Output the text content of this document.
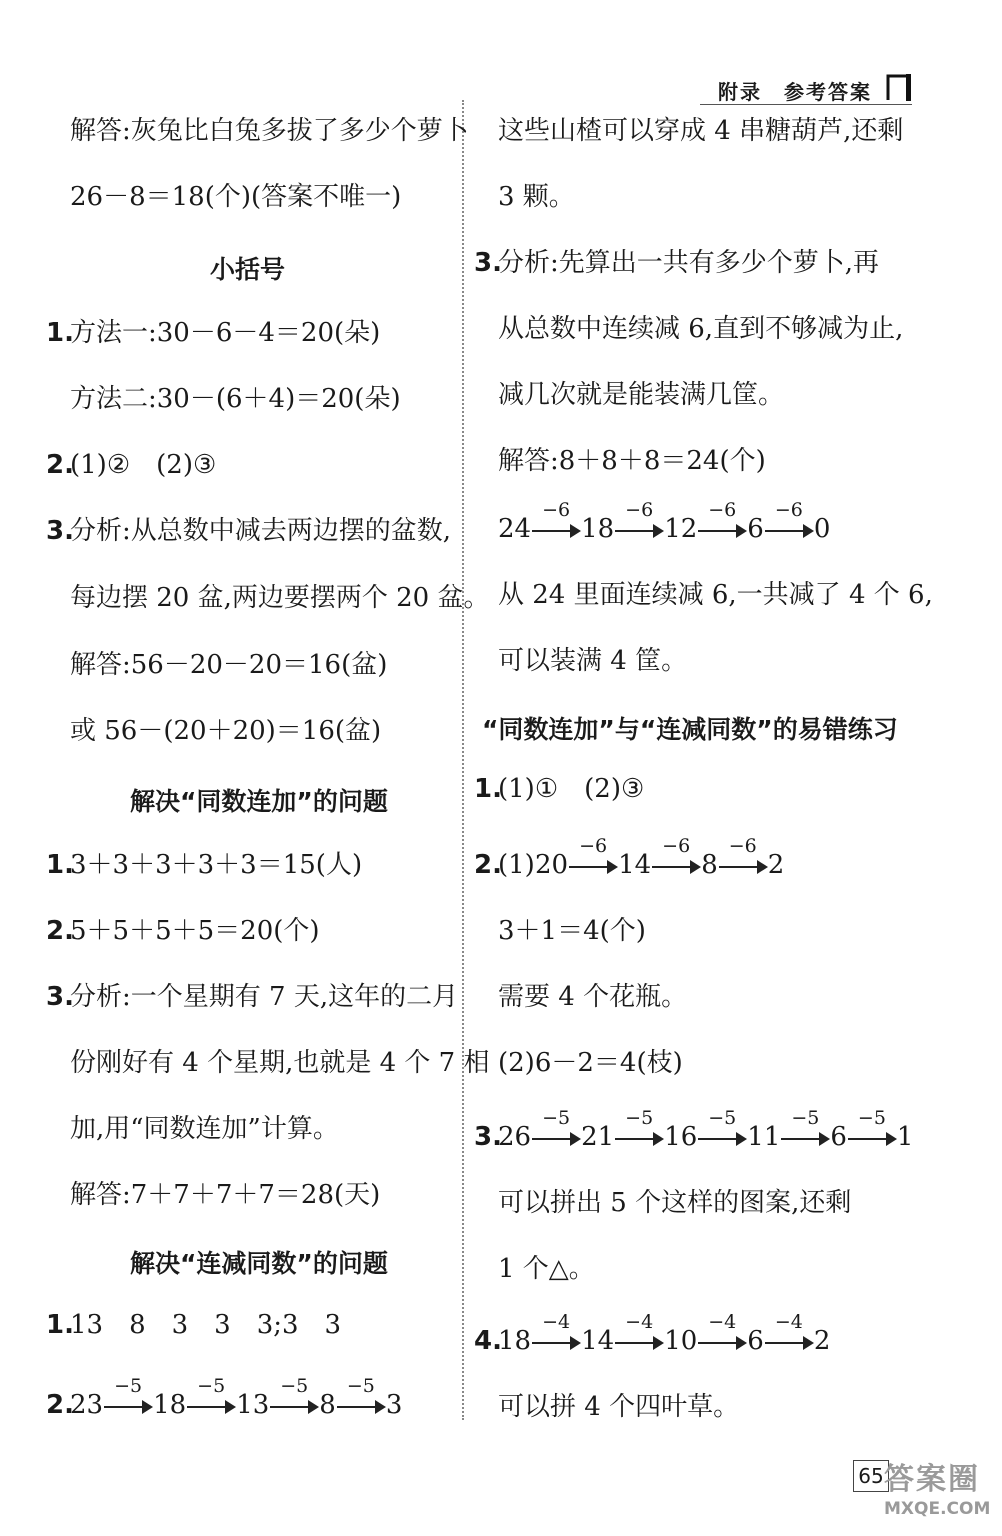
附录　参考答案
解答:灰兔比白兔多拔了多少个萝卜
26－8＝18(个)(答案不唯一)
小括号
1.
方法一:30－6－4＝20(朵)
方法二:30－(6＋4)＝20(朵)
2.
(1)②　(2)③
3.
分析:从总数中减去两边摆的盆数,
每边摆 20 盆,两边要摆两个 20 盆。
解答:56－20－20＝16(盆)
或 56－(20＋20)＝16(盆)
解决“同数连加”的问题
1.
3＋3＋3＋3＋3＝15(人)
2.
5＋5＋5＋5＝20(个)
3.
分析:一个星期有 7 天,这年的二月
份刚好有 4 个星期,也就是 4 个 7 相
加,用“同数连加”计算。
解答:7＋7＋7＋7＝28(天)
解决“连减同数”的问题
1.
13　8　3　3　3;3　3
2.
23
−5
18
−5
13
−5
8
−5
3
这些山楂可以穿成 4 串糖葫芦,还剩
3 颗。
3.
分析:先算出一共有多少个萝卜,再
从总数中连续减 6,直到不够减为止,
减几次就是能装满几筐。
解答:8＋8＋8＝24(个)
24
−6
18
−6
12
−6
6
−6
0
从 24 里面连续减 6,一共减了 4 个 6,
可以装满 4 筐。
“同数连加”与“连减同数”的易错练习
1.
(1)①　(2)③
2.
(1) 20
−6
14
−6
8
−6
2
3＋1＝4(个)
需要 4 个花瓶。
(2)6－2＝4(枝)
3.
26
−5
21
−5
16
−5
11
−5
6
−5
1
可以拼出 5 个这样的图案,还剩
1 个△。
4.
18
−4
14
−4
10
−4
6
−4
2
可以拼 4 个四叶草。
65 答案圈
MXQE.COM
